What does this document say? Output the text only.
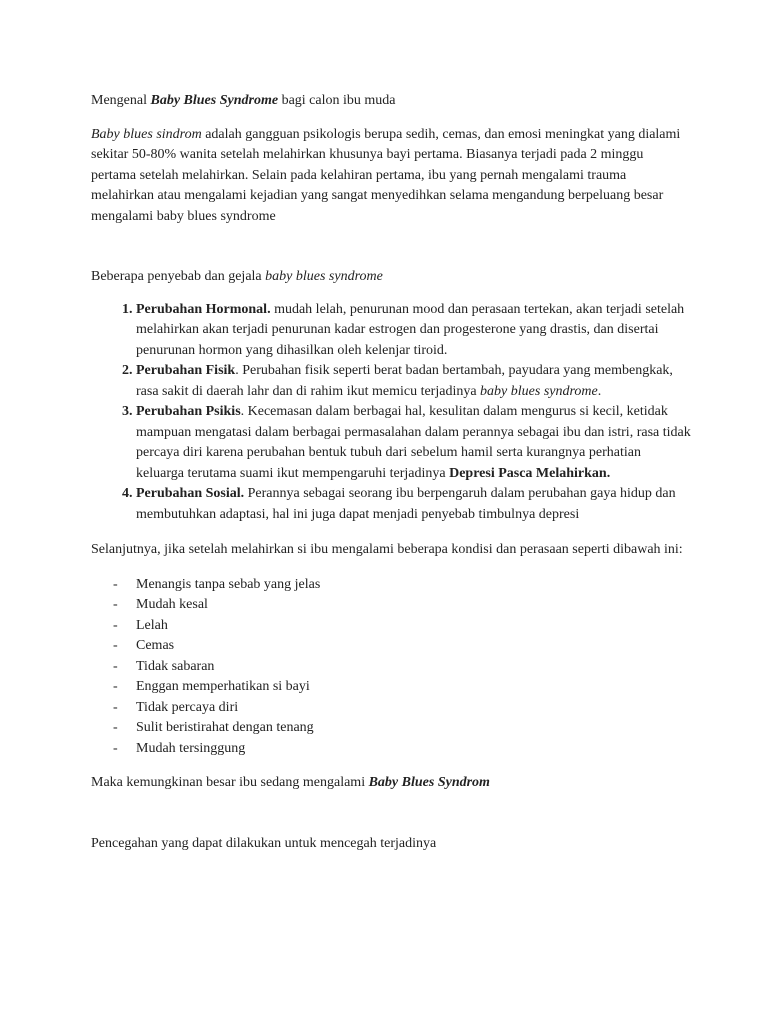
Mengenal Baby Blues Syndrome bagi calon ibu muda

Baby blues sindrom adalah gangguan psikologis berupa sedih, cemas, dan emosi meningkat yang dialami sekitar 50-80% wanita setelah melahirkan khusunya bayi pertama. Biasanya terjadi pada 2 minggu pertama setelah melahirkan. Selain pada kelahiran pertama, ibu yang pernah mengalami trauma melahirkan atau mengalami kejadian yang sangat menyedihkan selama mengandung berpeluang besar mengalami baby blues syndrome

Beberapa penyebab dan gejala baby blues syndrome

1. Perubahan Hormonal. mudah lelah, penurunan mood dan perasaan tertekan, akan terjadi setelah melahirkan akan terjadi penurunan kadar estrogen dan progesterone yang drastis, dan disertai penurunan hormon yang dihasilkan oleh kelenjar tiroid.
2. Perubahan Fisik. Perubahan fisik seperti berat badan bertambah, payudara yang membengkak, rasa sakit di daerah lahr dan di rahim ikut memicu terjadinya baby blues syndrome.
3. Perubahan Psikis. Kecemasan dalam berbagai hal, kesulitan dalam mengurus si kecil, ketidak mampuan mengatasi dalam berbagai permasalahan dalam perannya sebagai ibu dan istri, rasa tidak percaya diri karena perubahan bentuk tubuh dari sebelum hamil serta kurangnya perhatian keluarga terutama suami ikut mempengaruhi terjadinya Depresi Pasca Melahirkan.
4. Perubahan Sosial. Perannya sebagai seorang ibu berpengaruh dalam perubahan gaya hidup dan membutuhkan adaptasi, hal ini juga dapat menjadi penyebab timbulnya depresi

Selanjutnya, jika setelah melahirkan si ibu mengalami beberapa kondisi dan perasaan seperti dibawah ini:

-	Menangis tanpa sebab yang jelas
-	Mudah kesal
-	Lelah
-	Cemas
-	Tidak sabaran
-	Enggan memperhatikan si bayi
-	Tidak percaya diri
-	Sulit beristirahat dengan tenang
-	Mudah tersinggung

Maka kemungkinan besar ibu sedang mengalami Baby Blues Syndrom

Pencegahan yang dapat dilakukan untuk mencegah terjadinya
